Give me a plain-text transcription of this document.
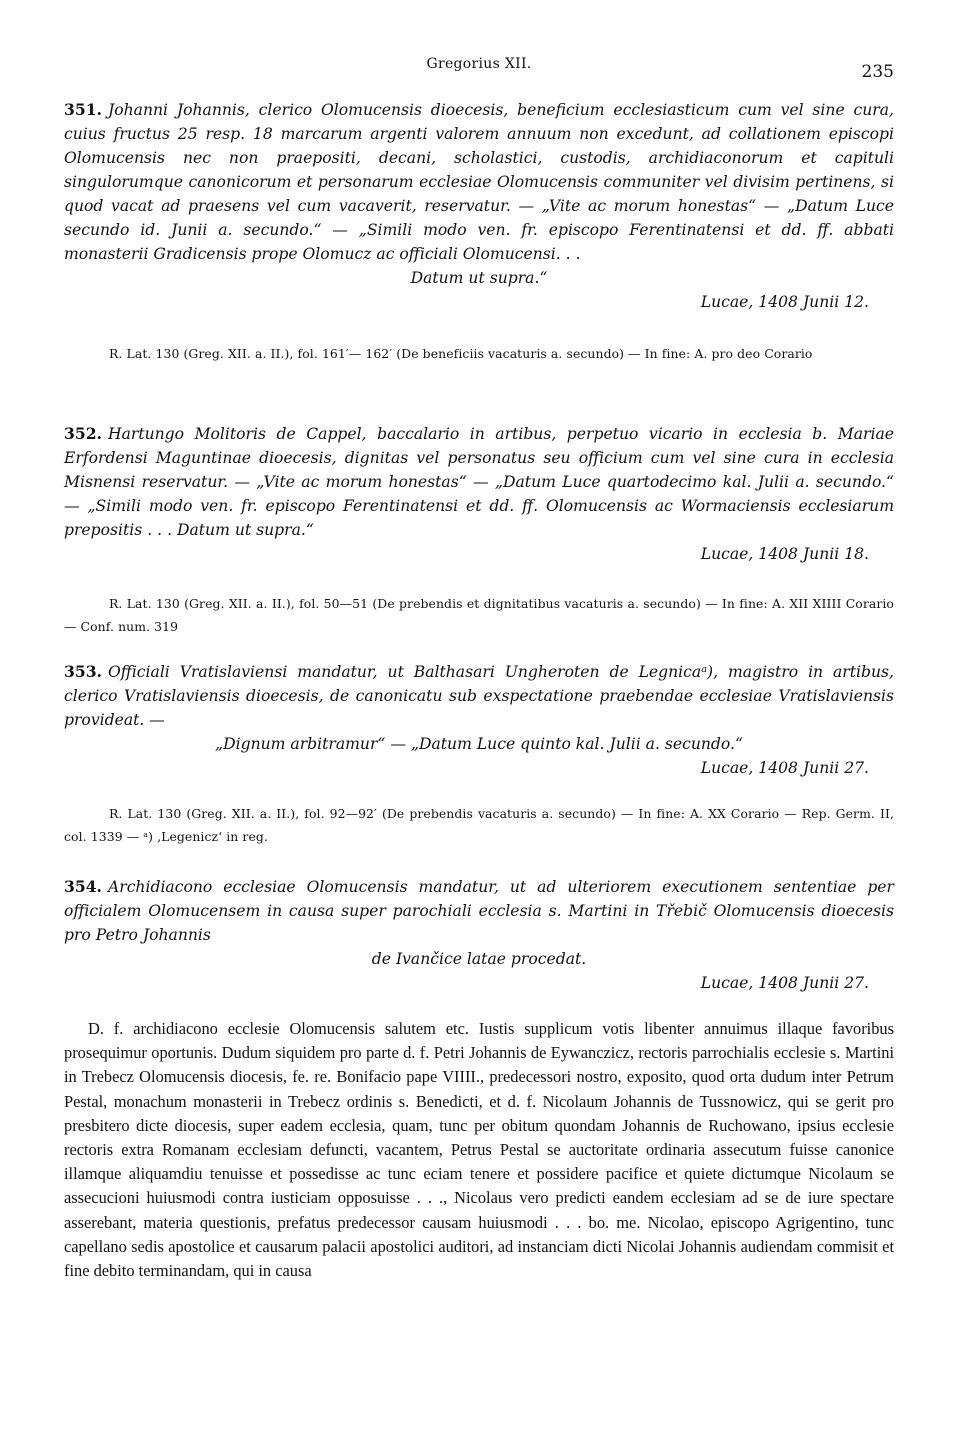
Gregorius XII.	235
351. Johanni Johannis, clerico Olomucensis dioecesis, beneficium ecclesiasticum cum vel sine cura, cuius fructus 25 resp. 18 marcarum argenti valorem annuum non excedunt, ad collationem episcopi Olomucensis nec non praepositi, decani, scholastici, custodis, archidiaconorum et capituli singulorumque canonicorum et personarum ecclesiae Olomucensis communiter vel divisim pertinens, si quod vacat ad praesens vel cum vacaverit, reservatur. — „Vite ac morum honestas“ — „Datum Luce secundo id. Junii a. secundo.“ — „Simili modo ven. fr. episcopo Ferentinatensi et dd. ff. abbati monasterii Gradicensis prope Olomucz ac officiali Olomucensi. . .
Datum ut supra.“
Lucae, 1408 Junii 12.
R. Lat. 130 (Greg. XII. a. II.), fol. 161′— 162′ (De beneficiis vacaturis a. secundo) — In fine: A. pro deo Corario
352. Hartungo Molitoris de Cappel, baccalario in artibus, perpetuo vicario in ecclesia b. Mariae Erfordensi Maguntinae dioecesis, dignitas vel personatus seu officium cum vel sine cura in ecclesia Misnensi reservatur. — „Vite ac morum honestas“ — „Datum Luce quartodecimo kal. Julii a. secundo.“ — „Simili modo ven. fr. episcopo Ferentinatensi et dd. ff. Olomucensis ac Wormaciensis ecclesiarum prepositis . . . Datum ut supra.“
Lucae, 1408 Junii 18.
R. Lat. 130 (Greg. XII. a. II.), fol. 50—51 (De prebendis et dignitatibus vacaturis a. secundo) — In fine: A. XII XIIII Corario — Conf. num. 319
353. Officiali Vratislaviensi mandatur, ut Balthasari Ungheroten de Legnicaᵃ), magistro in artibus, clerico Vratislaviensis dioecesis, de canonicatu sub exspectatione praebendae ecclesiae Vratislaviensis provideat. —
„Dignum arbitramur“ — „Datum Luce quinto kal. Julii a. secundo.“
Lucae, 1408 Junii 27.
R. Lat. 130 (Greg. XII. a. II.), fol. 92—92′ (De prebendis vacaturis a. secundo) — In fine: A. XX Corario — Rep. Germ. II, col. 1339 — ᵃ) ‚Legenicz‘ in reg.
354. Archidiacono ecclesiae Olomucensis mandatur, ut ad ulteriorem executionem sententiae per officialem Olomucensem in causa super parochiali ecclesia s. Martini in Třebič Olomucensis dioecesis pro Petro Johannis
de Ivančice latae procedat.
Lucae, 1408 Junii 27.
D. f. archidiacono ecclesie Olomucensis salutem etc. Iustis supplicum votis libenter annuimus illaque favoribus prosequimur oportunis. Dudum siquidem pro parte d. f. Petri Johannis de Eywanczicz, rectoris parrochialis ecclesie s. Martini in Trebecz Olomucensis diocesis, fe. re. Bonifacio pape VIIII., predecessori nostro, exposito, quod orta dudum inter Petrum Pestal, monachum monasterii in Trebecz ordinis s. Benedicti, et d. f. Nicolaum Johannis de Tussnowicz, qui se gerit pro presbitero dicte diocesis, super eadem ecclesia, quam, tunc per obitum quondam Johannis de Ruchowano, ipsius ecclesie rectoris extra Romanam ecclesiam defuncti, vacantem, Petrus Pestal se auctoritate ordinaria assecutum fuisse canonice illamque aliquamdiu tenuisse et possedisse ac tunc eciam tenere et possidere pacifice et quiete dictumque Nicolaum se assecucioni huiusmodi contra iusticiam opposuisse . . ., Nicolaus vero predicti eandem ecclesiam ad se de iure spectare asserebant, materia questionis, prefatus predecessor causam huiusmodi . . . bo. me. Nicolao, episcopo Agrigentino, tunc capellano sedis apostolice et causarum palacii apostolici auditori, ad instanciam dicti Nicolai Johannis audiendam commisit et fine debito terminandam, qui in causa
